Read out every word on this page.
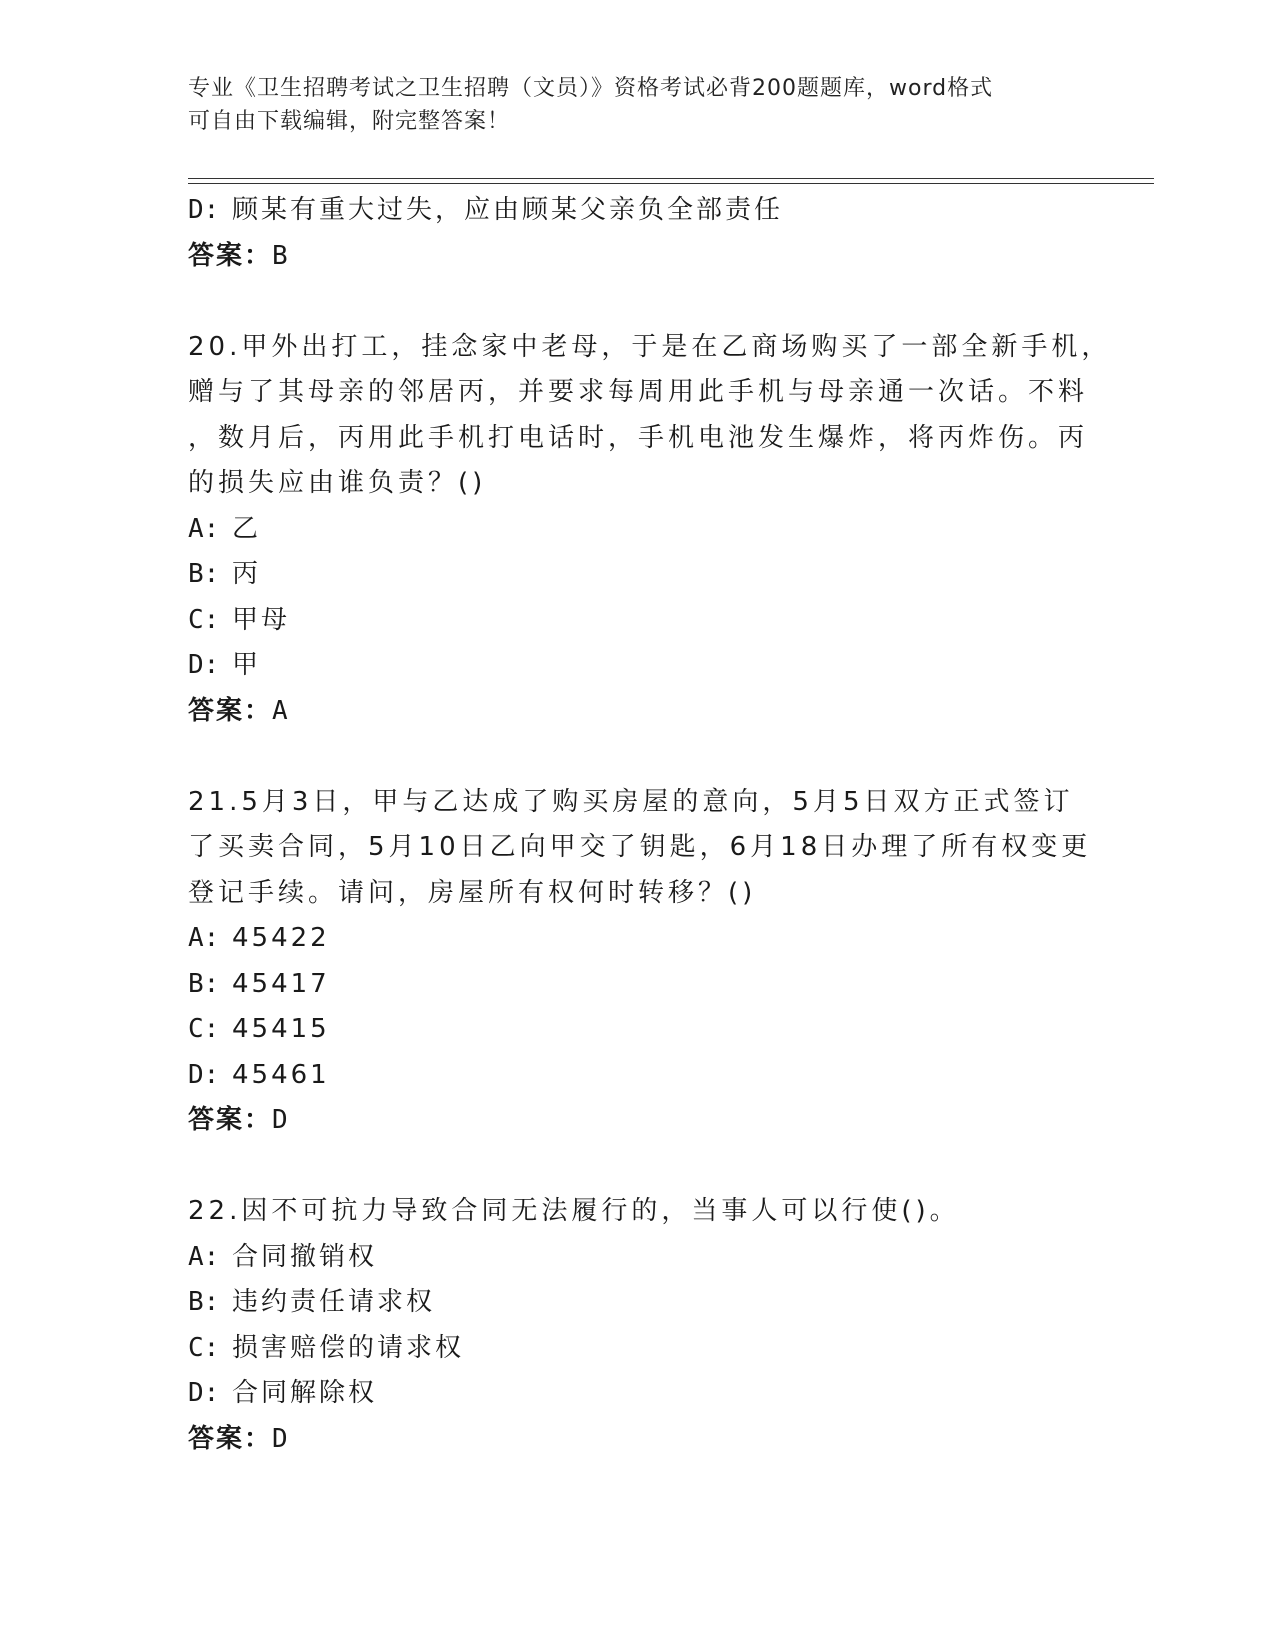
专业《卫生招聘考试之卫生招聘（文员）》资格考试必背200题题库，word格式
可自由下载编辑，附完整答案！
D: 顾某有重大过失，应由顾某父亲负全部责任
答案：B
20.甲外出打工，挂念家中老母，于是在乙商场购买了一部全新手机，
赠与了其母亲的邻居丙，并要求每周用此手机与母亲通一次话。不料
，数月后，丙用此手机打电话时，手机电池发生爆炸，将丙炸伤。丙
的损失应由谁负责？()
A: 乙
B: 丙
C: 甲母
D: 甲
答案：A
21.5月3日，甲与乙达成了购买房屋的意向，5月5日双方正式签订
了买卖合同，5月10日乙向甲交了钥匙，6月18日办理了所有权变更
登记手续。请问，房屋所有权何时转移？()
A: 45422
B: 45417
C: 45415
D: 45461
答案：D
22.因不可抗力导致合同无法履行的，当事人可以行使()。
A: 合同撤销权
B: 违约责任请求权
C: 损害赔偿的请求权
D: 合同解除权
答案：D
